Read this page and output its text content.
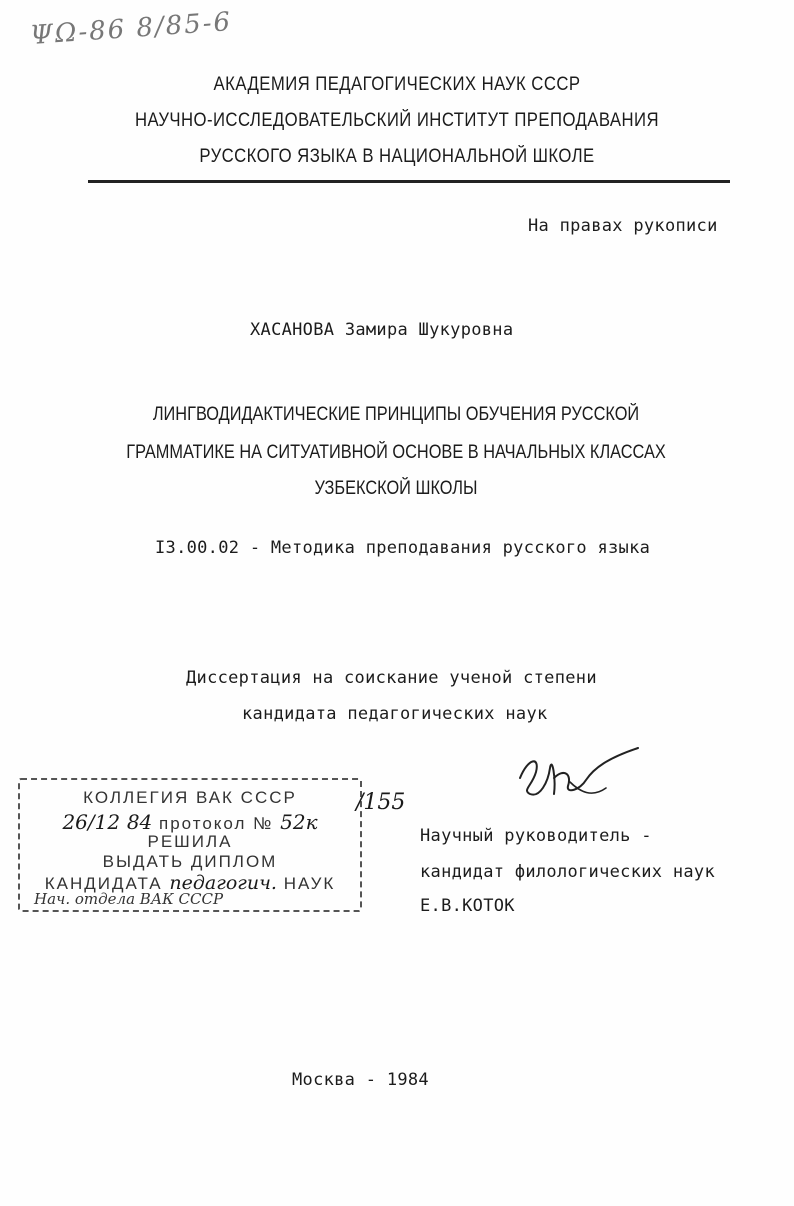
ΨΩ-86 8/85-6
АКАДЕМИЯ ПЕДАГОГИЧЕСКИХ НАУК СССР
НАУЧНО-ИССЛЕДОВАТЕЛЬСКИЙ ИНСТИТУТ ПРЕПОДАВАНИЯ
РУССКОГО ЯЗЫКА В НАЦИОНАЛЬНОЙ ШКОЛЕ
На правах рукописи
ХАСАНОВА Замира Шукуровна
ЛИНГВОДИДАКТИЧЕСКИЕ ПРИНЦИПЫ ОБУЧЕНИЯ РУССКОЙ
ГРАММАТИКЕ НА СИТУАТИВНОЙ ОСНОВЕ В НАЧАЛЬНЫХ КЛАССАХ
УЗБЕКСКОЙ ШКОЛЫ
I3.00.02 - Методика преподавания русского языка
Диссертация на соискание ученой степени
кандидата педагогических наук
КОЛЛЕГИЯ ВАК СССР
26/12 84 протокол № 52к
РЕШИЛА
ВЫДАТЬ ДИПЛОМ
КАНДИДАТА педагогич. НАУК
Нач. отдела ВАК СССР
/155
Научный руководитель -
кандидат филологических наук
Е.В.КОТОК
Москва - 1984
